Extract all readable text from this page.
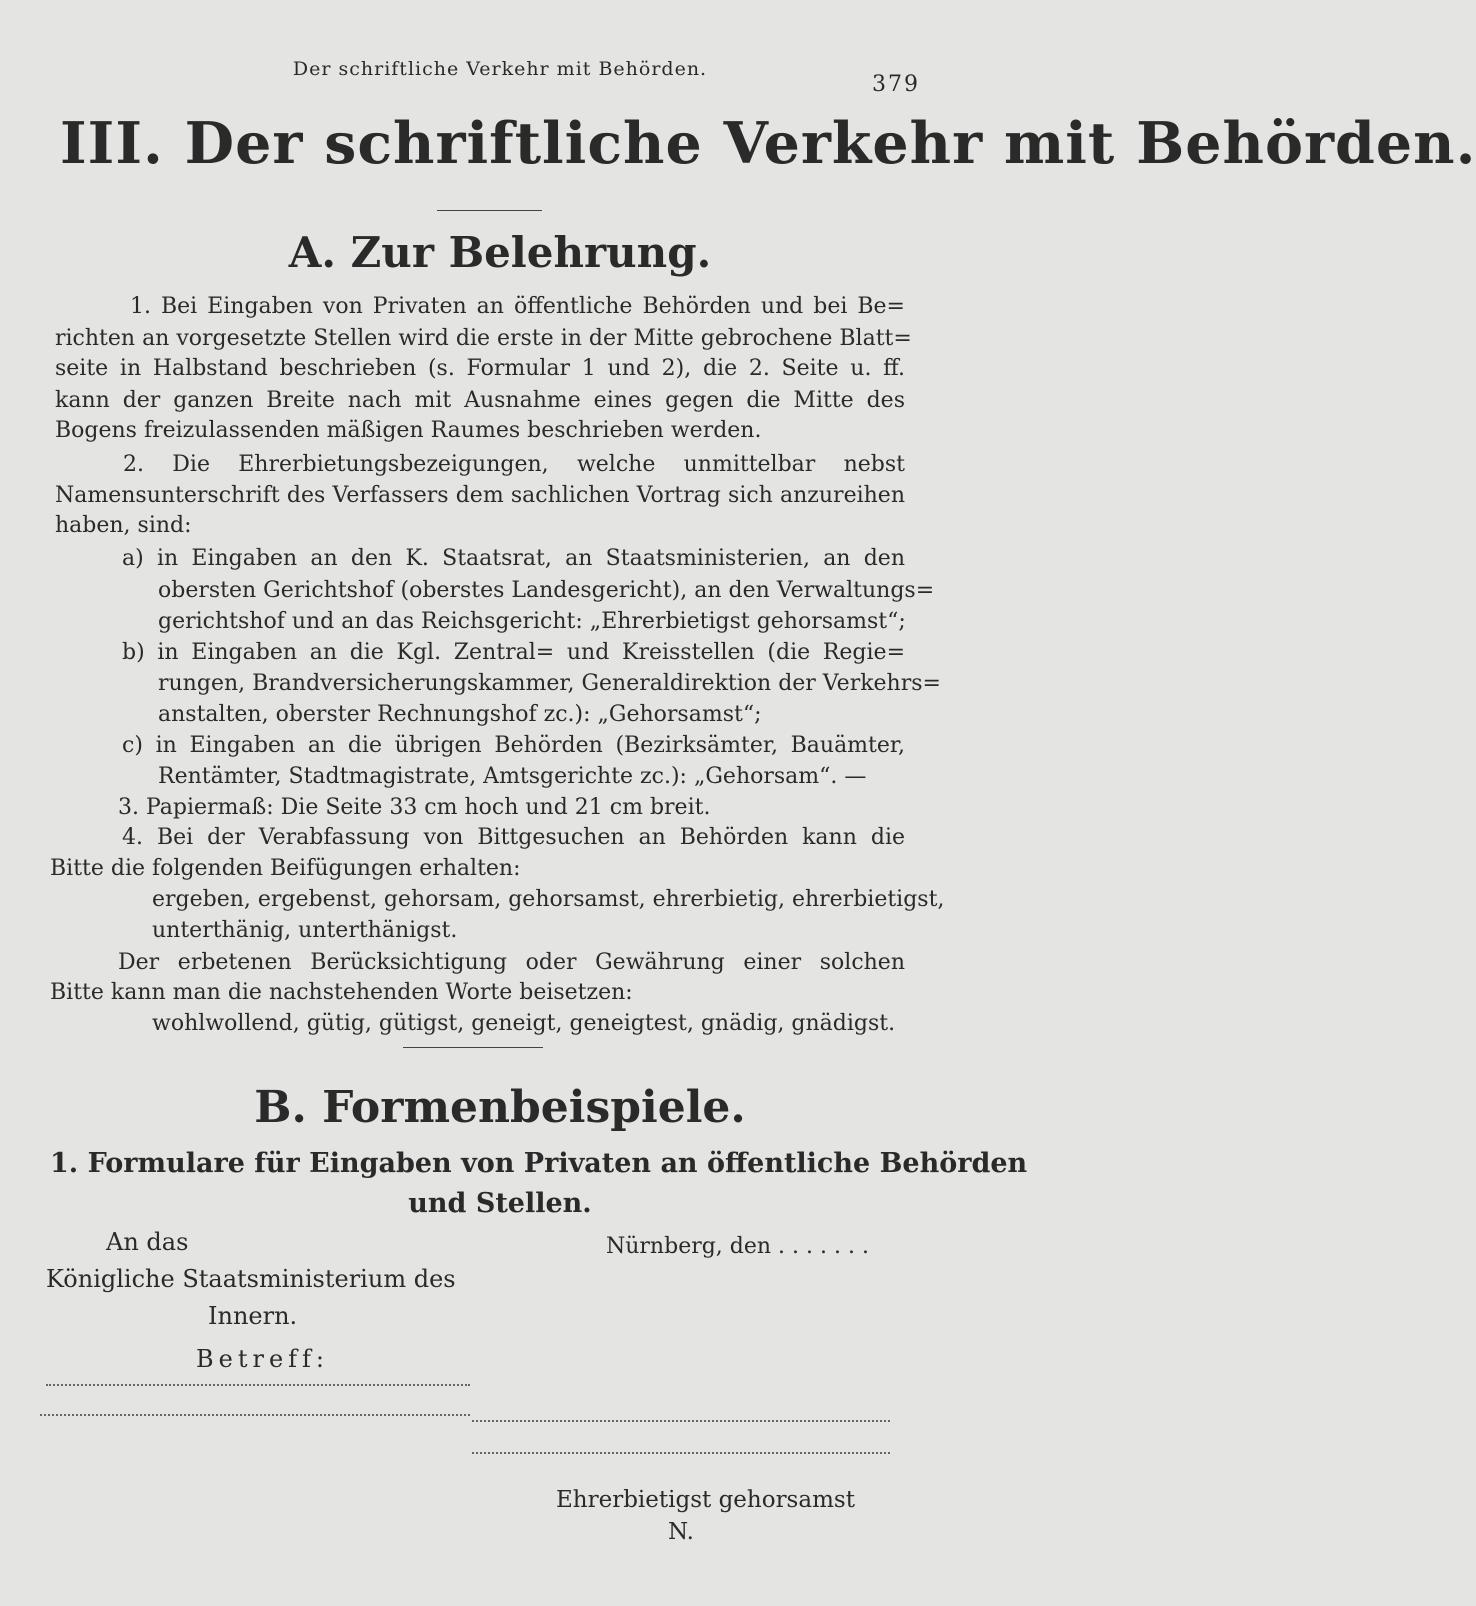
Der schriftliche Verkehr mit Behörden.
379
III. Der schriftliche Verkehr mit Behörden.
A. Zur Belehrung.
1. Bei Eingaben von Privaten an öffentliche Behörden und bei Be=
richten an vorgesetzte Stellen wird die erste in der Mitte gebrochene Blatt=
seite in Halbstand beschrieben (s. Formular 1 und 2), die 2. Seite u. ff.
kann der ganzen Breite nach mit Ausnahme eines gegen die Mitte des
Bogens freizulassenden mäßigen Raumes beschrieben werden.
2. Die Ehrerbietungsbezeigungen, welche unmittelbar nebst
Namensunterschrift des Verfassers dem sachlichen Vortrag sich anzureihen
haben, sind:
a) in Eingaben an den K. Staatsrat, an Staatsministerien, an den
obersten Gerichtshof (oberstes Landesgericht), an den Verwaltungs=
gerichtshof und an das Reichsgericht: „Ehrerbietigst gehorsamst“;
b) in Eingaben an die Kgl. Zentral= und Kreisstellen (die Regie=
rungen, Brandversicherungskammer, Generaldirektion der Verkehrs=
anstalten, oberster Rechnungshof zc.): „Gehorsamst“;
c) in Eingaben an die übrigen Behörden (Bezirksämter, Bauämter,
Rentämter, Stadtmagistrate, Amtsgerichte zc.): „Gehorsam“. —
3. Papiermaß: Die Seite 33 cm hoch und 21 cm breit.
4. Bei der Verabfassung von Bittgesuchen an Behörden kann die
Bitte die folgenden Beifügungen erhalten:
ergeben, ergebenst, gehorsam, gehorsamst, ehrerbietig, ehrerbietigst,
unterthänig, unterthänigst.
Der erbetenen Berücksichtigung oder Gewährung einer solchen
Bitte kann man die nachstehenden Worte beisetzen:
wohlwollend, gütig, gütigst, geneigt, geneigtest, gnädig, gnädigst.
B. Formenbeispiele.
1. Formulare für Eingaben von Privaten an öffentliche Behörden
und Stellen.
An das	Nürnberg, den . . . . . . .
Königliche Staatsministerium des
Innern.
Betreff:
Ehrerbietigst gehorsamst
N.
